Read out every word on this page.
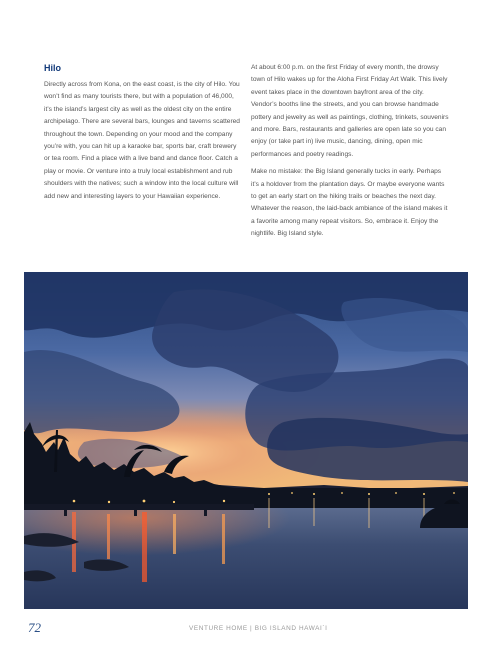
Hilo

Directly across from Kona, on the east coast, is the city of Hilo. You won’t find as many tourists there, but with a population of 46,000, it’s the island’s largest city as well as the oldest city on the entire archipelago. There are several bars, lounges and taverns scattered throughout the town. Depending on your mood and the company you’re with, you can hit up a karaoke bar, sports bar, craft brewery or tea room. Find a place with a live band and dance floor. Catch a play or movie. Or venture into a truly local establishment and rub shoulders with the natives; such a window into the local culture will add new and interesting layers to your Hawaiian experience.

At about 6:00 p.m. on the first Friday of every month, the drowsy town of Hilo wakes up for the Aloha First Friday Art Walk. This lively event takes place in the downtown bayfront area of the city. Vendor’s booths line the streets, and you can browse handmade pottery and jewelry as well as paintings, clothing, trinkets, souvenirs and more. Bars, restaurants and galleries are open late so you can enjoy (or take part in) live music, dancing, dining, open mic performances and poetry readings.

Make no mistake: the Big Island generally tucks in early. Perhaps it’s a holdover from the plantation days. Or maybe everyone wants to get an early start on the hiking trails or beaches the next day. Whatever the reason, the laid-back ambiance of the island makes it a favorite among many repeat visitors. So, embrace it. Enjoy the nightlife. Big Island style.

72	VENTURE HOME | BIG ISLAND HAWAI`I
